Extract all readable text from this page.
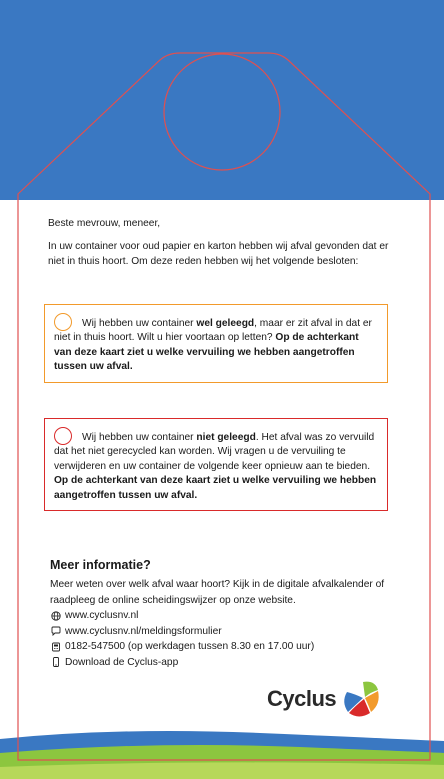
Beste mevrouw, meneer,

In uw container voor oud papier en karton hebben wij afval gevonden dat er niet in thuis hoort. Om deze reden hebben wij het volgende besloten:

Wij hebben uw container wel geleegd, maar er zit afval in dat er niet in thuis hoort. Wilt u hier voortaan op letten? Op de achterkant van deze kaart ziet u welke vervuiling we hebben aangetroffen tussen uw afval.
Wij hebben uw container niet geleegd. Het afval was zo vervuild dat het niet gerecycled kan worden. Wij vragen u de vervuiling te verwijderen en uw container de volgende keer opnieuw aan te bieden. Op de achterkant van deze kaart ziet u welke vervuiling we hebben aangetroffen tussen uw afval.
Meer informatie?

Meer weten over welk afval waar hoort? Kijk in de digitale afvalkalender of raadpleeg de online scheidingswijzer op onze website.

www.cyclusnv.nl
www.cyclusnv.nl/meldingsformulier
0182-547500 (op werkdagen tussen 8.30 en 17.00 uur)
Download de Cyclus-app
Cyclus
